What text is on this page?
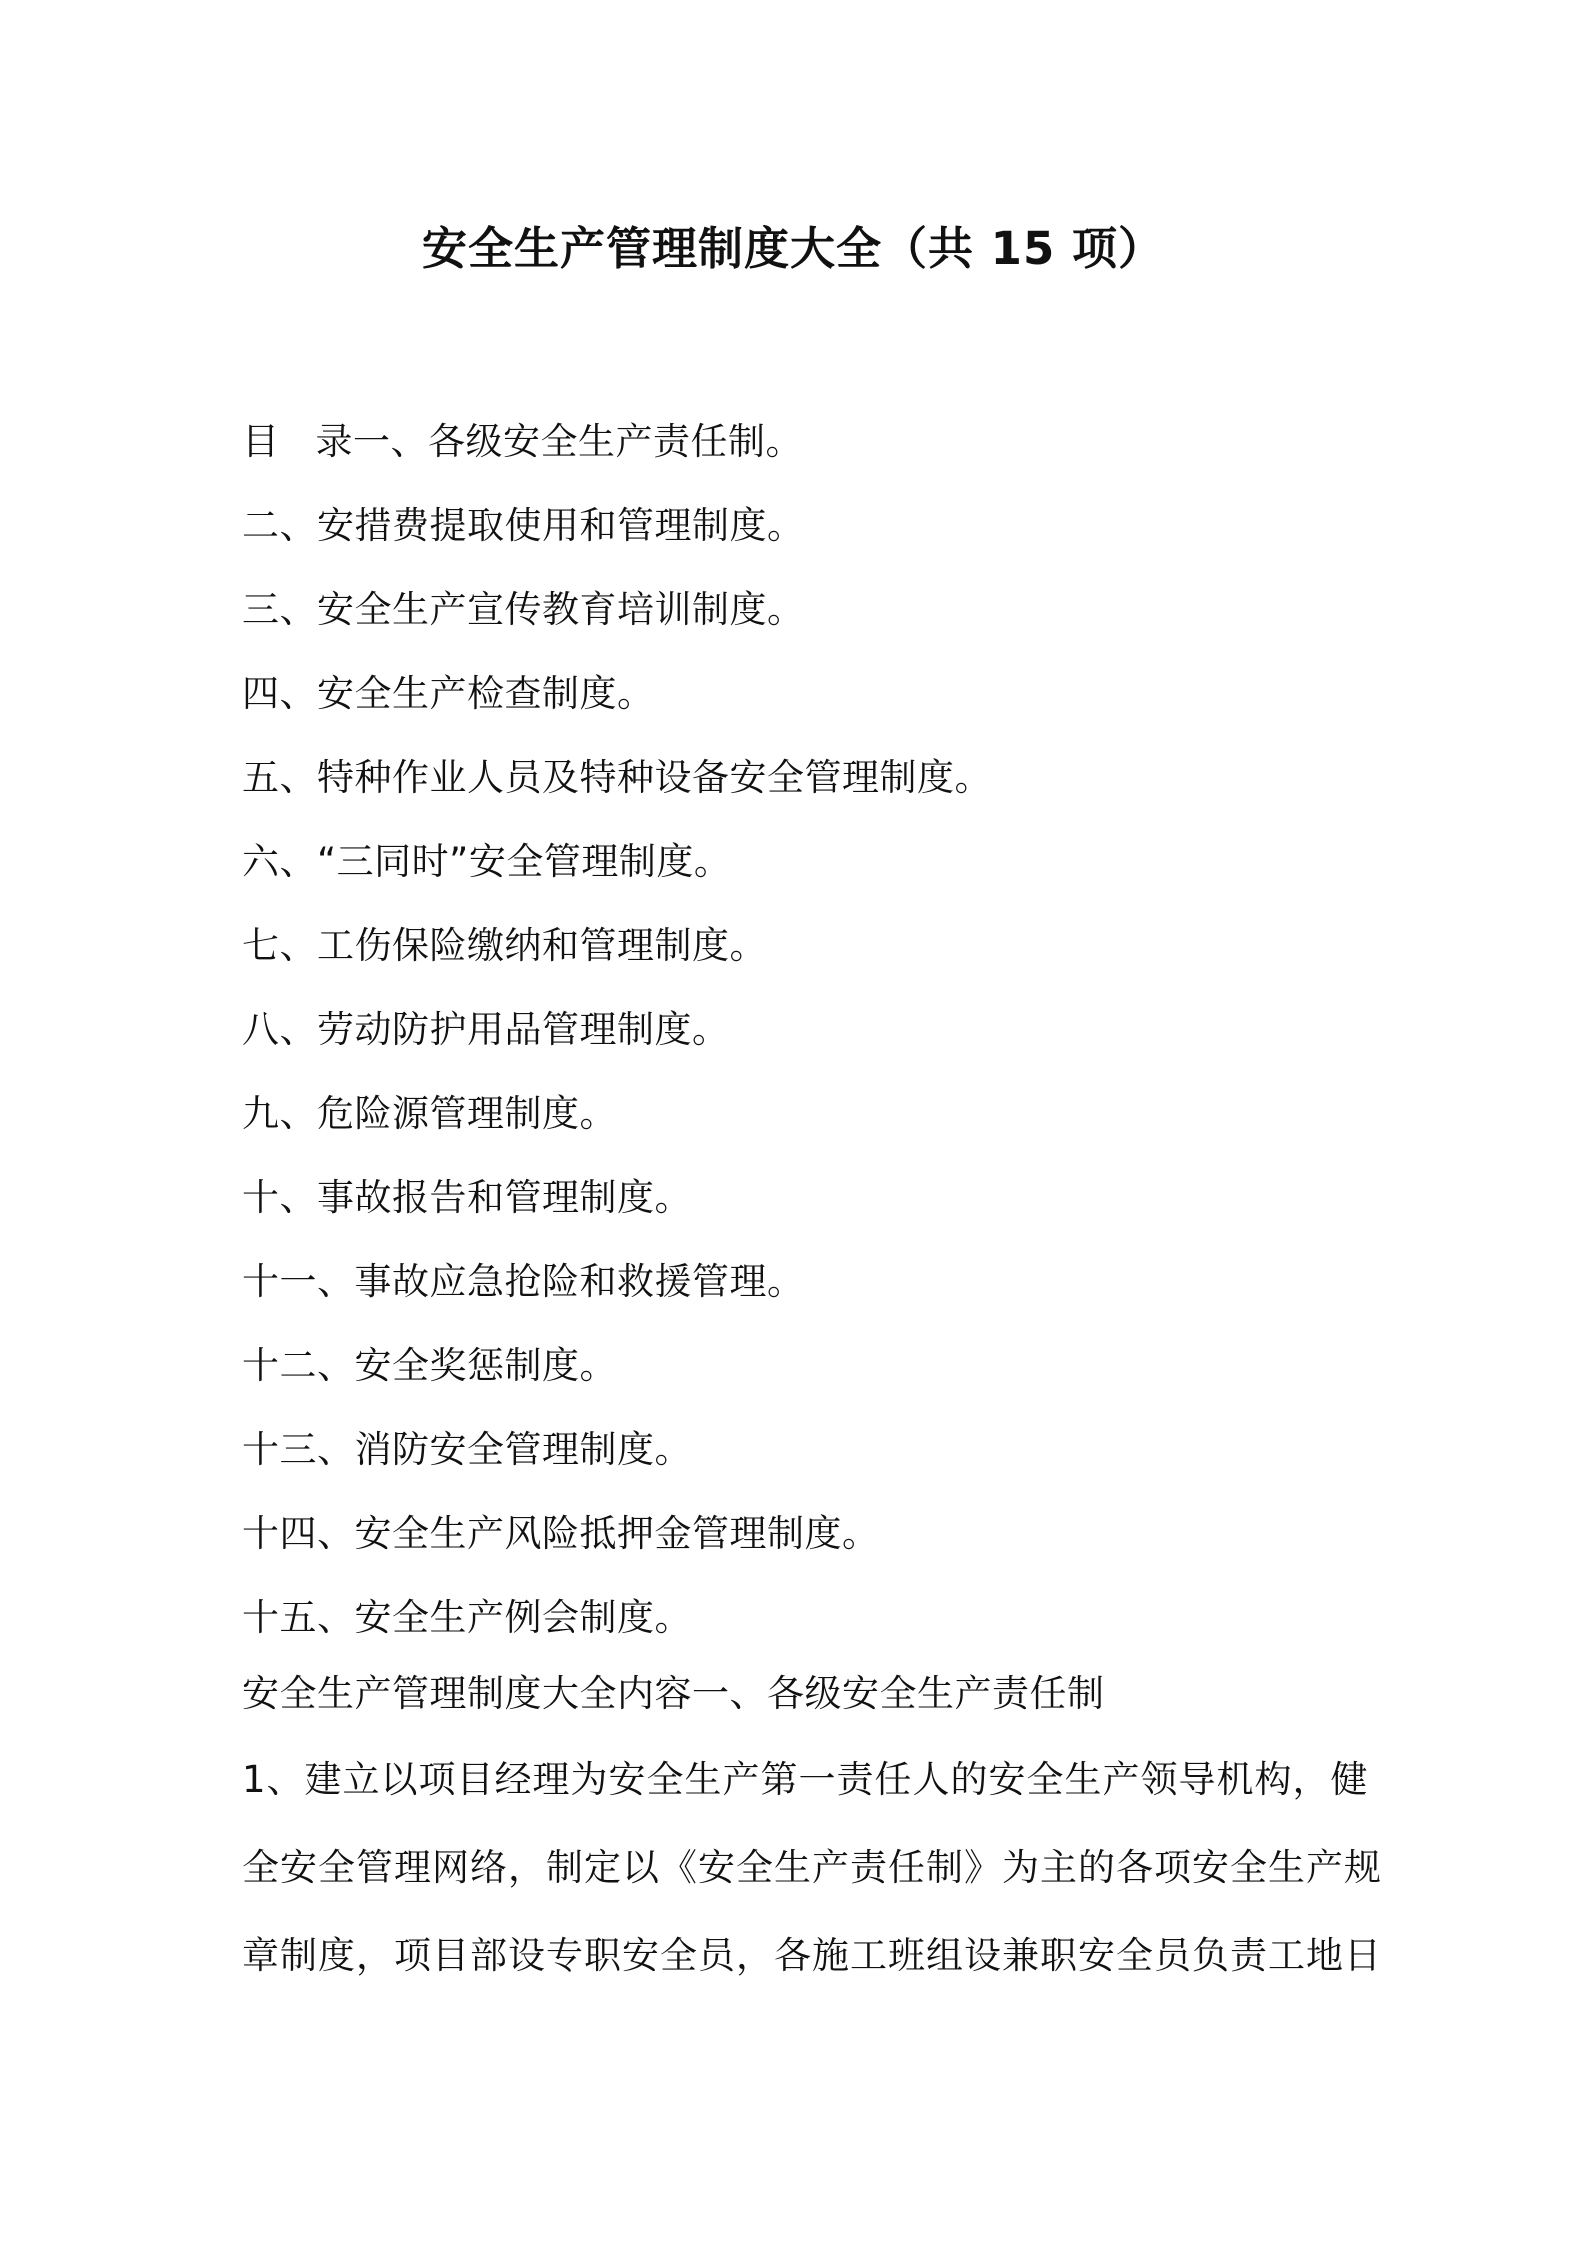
安全生产管理制度大全（共 15 项）
目 录一、各级安全生产责任制。
二、安措费提取使用和管理制度。
三、安全生产宣传教育培训制度。
四、安全生产检查制度。
五、特种作业人员及特种设备安全管理制度。
六、“三同时”安全管理制度。
七、工伤保险缴纳和管理制度。
八、劳动防护用品管理制度。
九、危险源管理制度。
十、事故报告和管理制度。
十一、事故应急抢险和救援管理。
十二、安全奖惩制度。
十三、消防安全管理制度。
十四、安全生产风险抵押金管理制度。
十五、安全生产例会制度。
安全生产管理制度大全内容一、各级安全生产责任制

1、建立以项目经理为安全生产第一责任人的安全生产领导机构，健

全安全管理网络，制定以《安全生产责任制》为主的各项安全生产规

章制度，项目部设专职安全员，各施工班组设兼职安全员负责工地日
